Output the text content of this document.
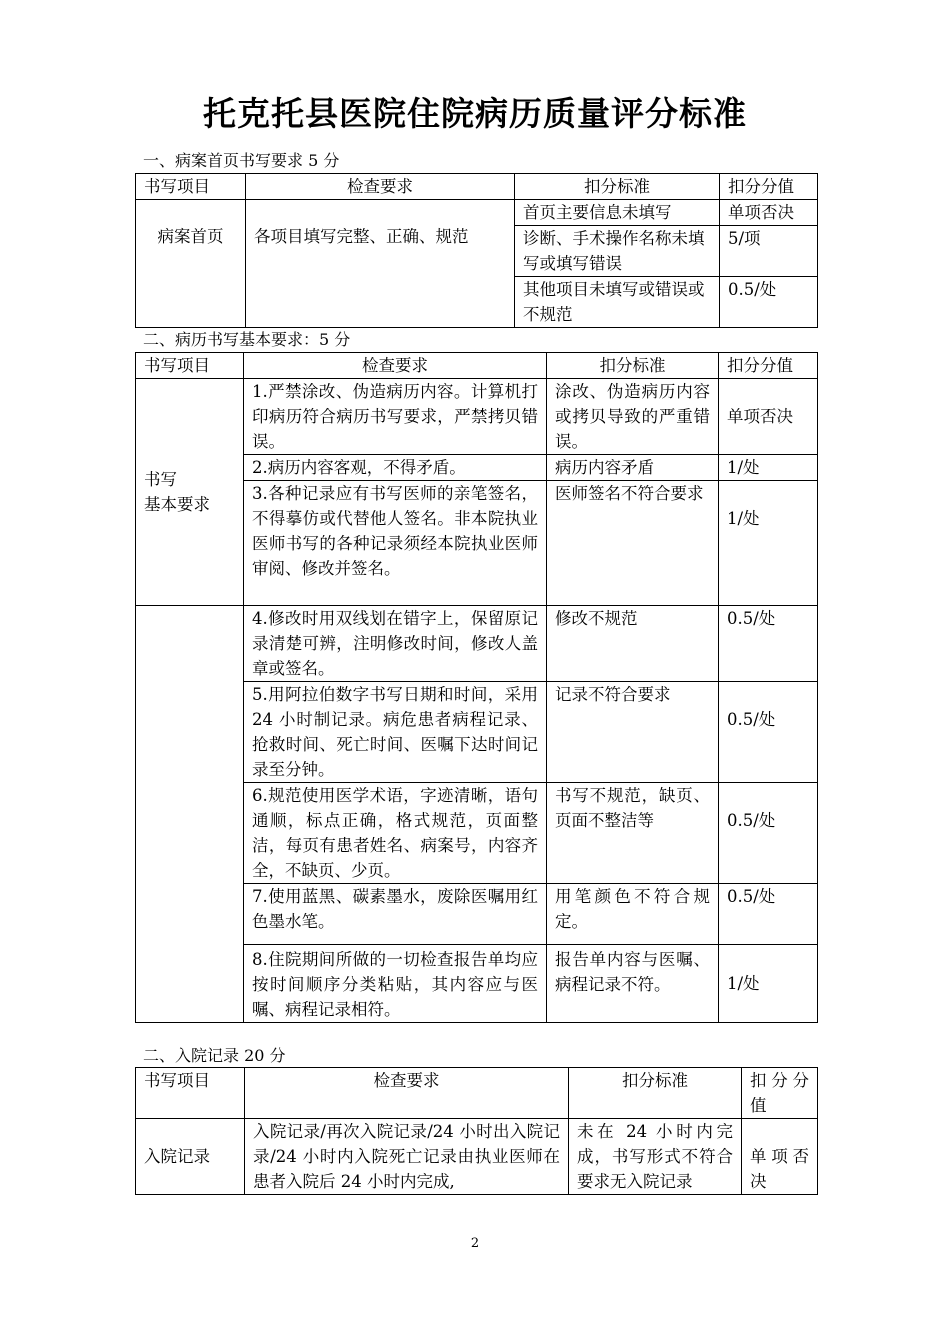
托克托县医院住院病历质量评分标准
一、病案首页书写要求 5 分
书写项目	检查要求	扣分标准	扣分分值
病案首页	各项目填写完整、正确、规范	首页主要信息未填写	单项否决
		诊断、手术操作名称未填写或填写错误	5/项
		其他项目未填写或错误或不规范	0.5/处
二、病历书写基本要求：5 分
书写项目	检查要求	扣分标准	扣分分值

书写
基本要求	1.严禁涂改、伪造病历内容。计算机打印病历符合病历书写要求，严禁拷贝错误。	涂改、伪造病历内容或拷贝导致的严重错误。	单项否决
	2.病历内容客观，不得矛盾。	病历内容矛盾	1/处
	3.各种记录应有书写医师的亲笔签名，不得摹仿或代替他人签名。非本院执业医师书写的各种记录须经本院执业医师审阅、修改并签名。	医师签名不符合要求	1/处
	4.修改时用双线划在错字上，保留原记录清楚可辨，注明修改时间，修改人盖章或签名。	修改不规范	0.5/处
	5.用阿拉伯数字书写日期和时间，采用 24 小时制记录。病危患者病程记录、抢救时间、死亡时间、医嘱下达时间记录至分钟。	记录不符合要求	0.5/处
	6.规范使用医学术语，字迹清晰，语句通顺，标点正确，格式规范，页面整洁，每页有患者姓名、病案号，内容齐全，不缺页、少页。	书写不规范，缺页、页面不整洁等	0.5/处
	7.使用蓝黑、碳素墨水，废除医嘱用红色墨水笔。	用笔颜色不符合规定。	0.5/处
	8.住院期间所做的一切检查报告单均应按时间顺序分类粘贴，其内容应与医嘱、病程记录相符。	报告单内容与医嘱、病程记录不符。	1/处
二、入院记录 20 分
书写项目	检查要求	扣分标准	扣分分值
入院记录	入院记录/再次入院记录/24 小时出入院记录/24 小时内入院死亡记录由执业医师在患者入院后 24 小时内完成,	未在 24 小时内完成，书写形式不符合要求无入院记录	单项否决
2
